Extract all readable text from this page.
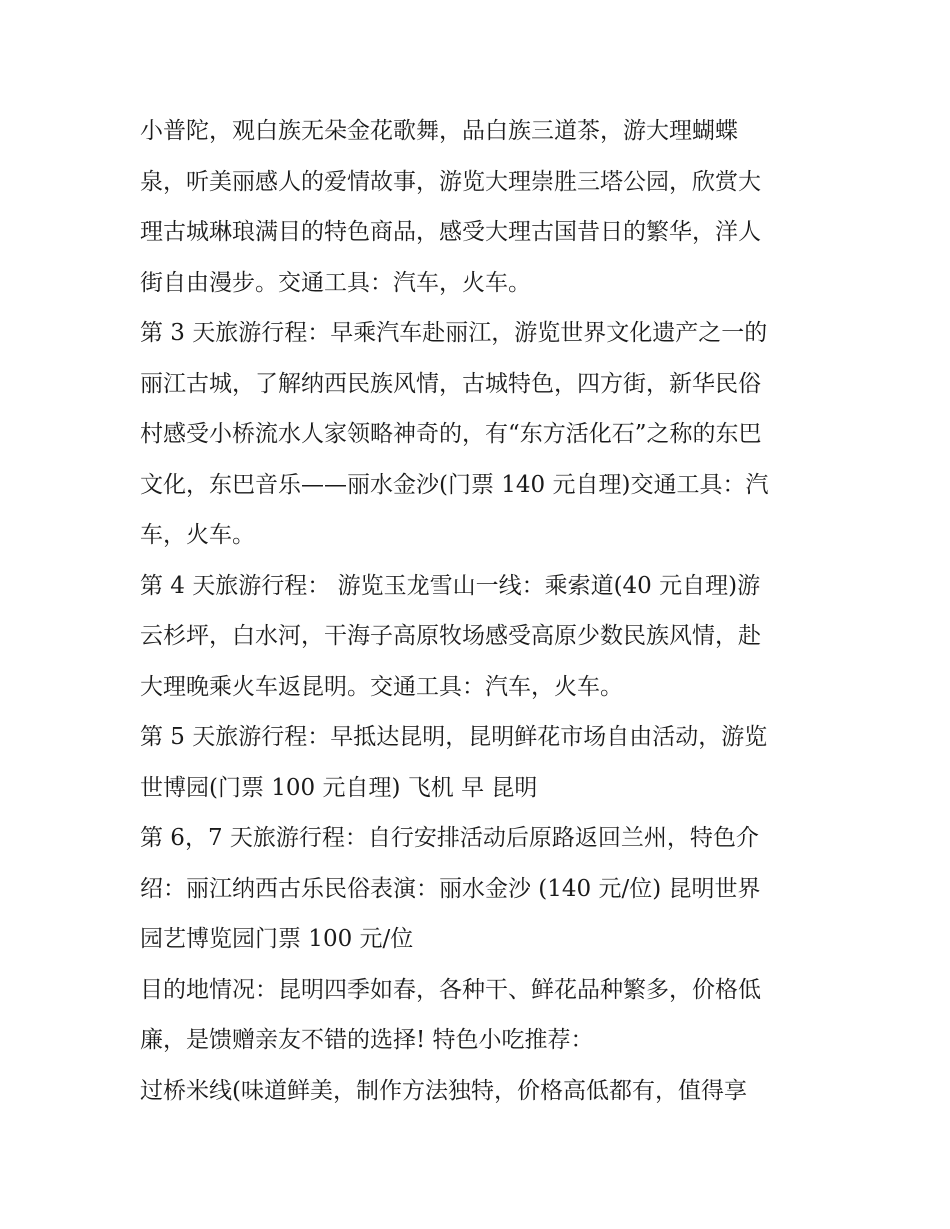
小普陀，观白族无朵金花歌舞，品白族三道茶，游大理蝴蝶
泉，听美丽感人的爱情故事，游览大理崇胜三塔公园，欣赏大
理古城琳琅满目的特色商品，感受大理古国昔日的繁华，洋人
街自由漫步。交通工具：汽车，火车。
第 3 天旅游行程：早乘汽车赴丽江，游览世界文化遗产之一的
丽江古城，了解纳西民族风情，古城特色，四方街，新华民俗
村感受小桥流水人家领略神奇的，有“东方活化石”之称的东巴
文化，东巴音乐——丽水金沙(门票 140 元自理)交通工具：汽
车，火车。
第 4 天旅游行程： 游览玉龙雪山一线：乘索道(40 元自理)游
云杉坪，白水河，干海子高原牧场感受高原少数民族风情，赴
大理晚乘火车返昆明。交通工具：汽车，火车。
第 5 天旅游行程：早抵达昆明，昆明鲜花市场自由活动，游览
世博园(门票 100 元自理) 飞机 早 昆明
第 6，7 天旅游行程：自行安排活动后原路返回兰州，特色介
绍：丽江纳西古乐民俗表演：丽水金沙 (140 元/位) 昆明世界
园艺博览园门票 100 元/位
目的地情况：昆明四季如春，各种干、鲜花品种繁多，价格低
廉，是馈赠亲友不错的选择! 特色小吃推荐：
过桥米线(味道鲜美，制作方法独特，价格高低都有，值得享
